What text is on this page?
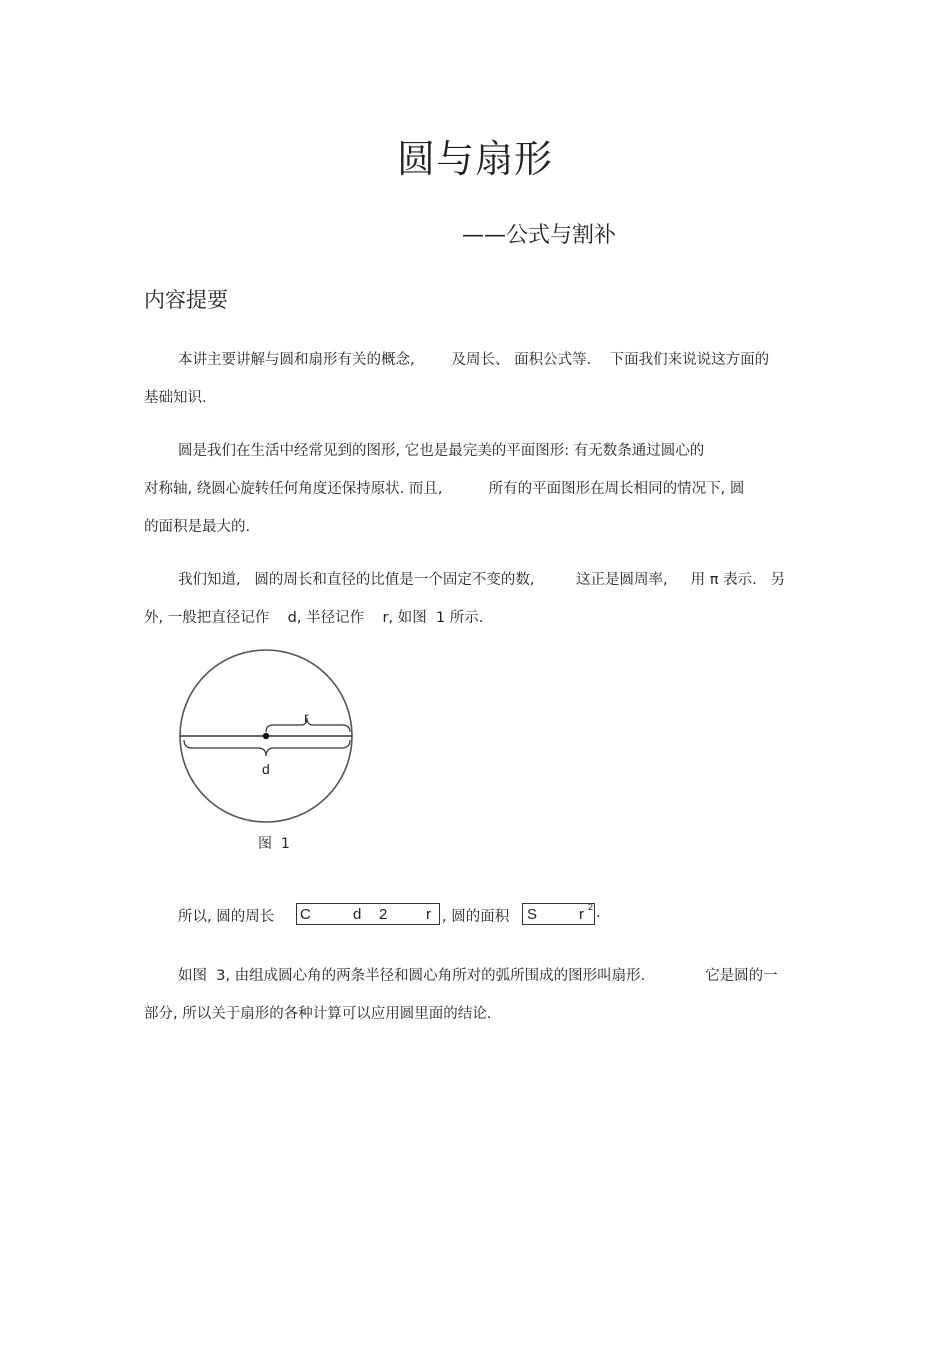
圆与扇形
——公式与割补
内容提要
本讲主要讲解与圆和扇形有关的概念,        及周长、 面积公式等.    下面我们来说说这方面的
基础知识.
圆是我们在生活中经常见到的图形, 它也是最完美的平面图形: 有无数条通过圆心的
对称轴, 绕圆心旋转任何角度还保持原状. 而且,          所有的平面图形在周长相同的情况下, 圆
的面积是最大的.
我们知道,   圆的周长和直径的比值是一个固定不变的数,         这正是圆周率,     用 π 表示.   另
外, 一般把直径记作    d, 半径记作    r, 如图  1 所示.
r
d
图  1
所以, 圆的周长 C	d 2	r , 圆的面积 S	r 2 .
如图  3, 由组成圆心角的两条半径和圆心角所对的弧所围成的图形叫扇形.             它是圆的一
部分, 所以关于扇形的各种计算可以应用圆里面的结论.
